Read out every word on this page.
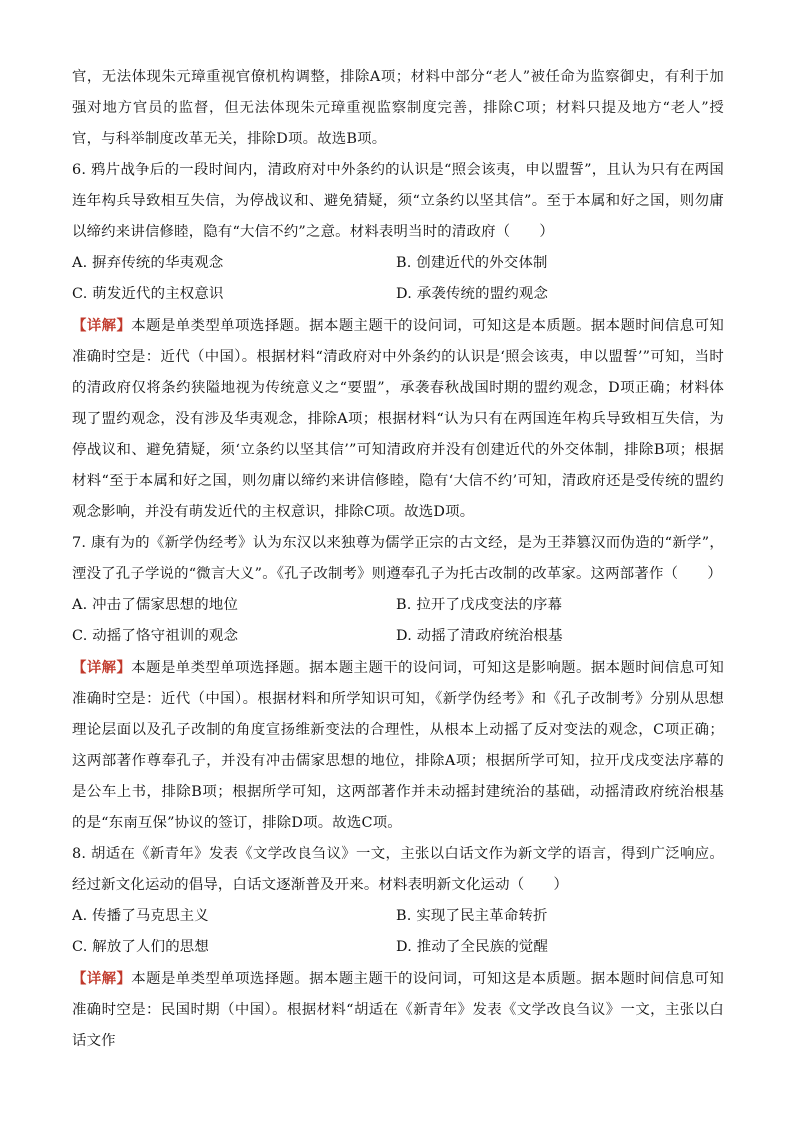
官，无法体现朱元璋重视官僚机构调整，排除A项；材料中部分“老人”被任命为监察御史，有利于加强对地方官员的监督，但无法体现朱元璋重视监察制度完善，排除C项；材料只提及地方“老人”授官，与科举制度改革无关，排除D项。故选B项。

6. 鸦片战争后的一段时间内，清政府对中外条约的认识是“照会该夷，申以盟誓”，且认为只有在两国连年构兵导致相互失信，为停战议和、避免猜疑，须“立条约以坚其信”。至于本属和好之国，则勿庸以缔约来讲信修睦，隐有“大信不约”之意。材料表明当时的清政府（　　）

A. 摒弃传统的华夷观念	B. 创建近代的外交体制
C. 萌发近代的主权意识	D. 承袭传统的盟约观念

【详解】本题是单类型单项选择题。据本题主题干的设问词，可知这是本质题。据本题时间信息可知准确时空是：近代（中国）。根据材料“清政府对中外条约的认识是‘照会该夷，申以盟誓’”可知，当时的清政府仅将条约狭隘地视为传统意义之“要盟”，承袭春秋战国时期的盟约观念，D项正确；材料体现了盟约观念，没有涉及华夷观念，排除A项；根据材料“认为只有在两国连年构兵导致相互失信，为停战议和、避免猜疑，须‘立条约以坚其信’”可知清政府并没有创建近代的外交体制，排除B项；根据材料“至于本属和好之国，则勿庸以缔约来讲信修睦，隐有‘大信不约’可知，清政府还是受传统的盟约观念影响，并没有萌发近代的主权意识，排除C项。故选D项。

7. 康有为的《新学伪经考》认为东汉以来独尊为儒学正宗的古文经，是为王莽篡汉而伪造的“新学”，湮没了孔子学说的“微言大义”。《孔子改制考》则遵奉孔子为托古改制的改革家。这两部著作（　　）

A. 冲击了儒家思想的地位	B. 拉开了戊戌变法的序幕
C. 动摇了恪守祖训的观念	D. 动摇了清政府统治根基

【详解】本题是单类型单项选择题。据本题主题干的设问词，可知这是影响题。据本题时间信息可知准确时空是：近代（中国）。根据材料和所学知识可知，《新学伪经考》和《孔子改制考》分别从思想理论层面以及孔子改制的角度宣扬维新变法的合理性，从根本上动摇了反对变法的观念，C项正确；这两部著作尊奉孔子，并没有冲击儒家思想的地位，排除A项；根据所学可知，拉开戊戌变法序幕的是公车上书，排除B项；根据所学可知，这两部著作并未动摇封建统治的基础，动摇清政府统治根基的是“东南互保”协议的签订，排除D项。故选C项。

8. 胡适在《新青年》发表《文学改良刍议》一文，主张以白话文作为新文学的语言，得到广泛响应。经过新文化运动的倡导，白话文逐渐普及开来。材料表明新文化运动（　　）

A. 传播了马克思主义	B. 实现了民主革命转折
C. 解放了人们的思想	D. 推动了全民族的觉醒

【详解】本题是单类型单项选择题。据本题主题干的设问词，可知这是本质题。据本题时间信息可知准确时空是：民国时期（中国）。根据材料“胡适在《新青年》发表《文学改良刍议》一文，主张以白话文作
